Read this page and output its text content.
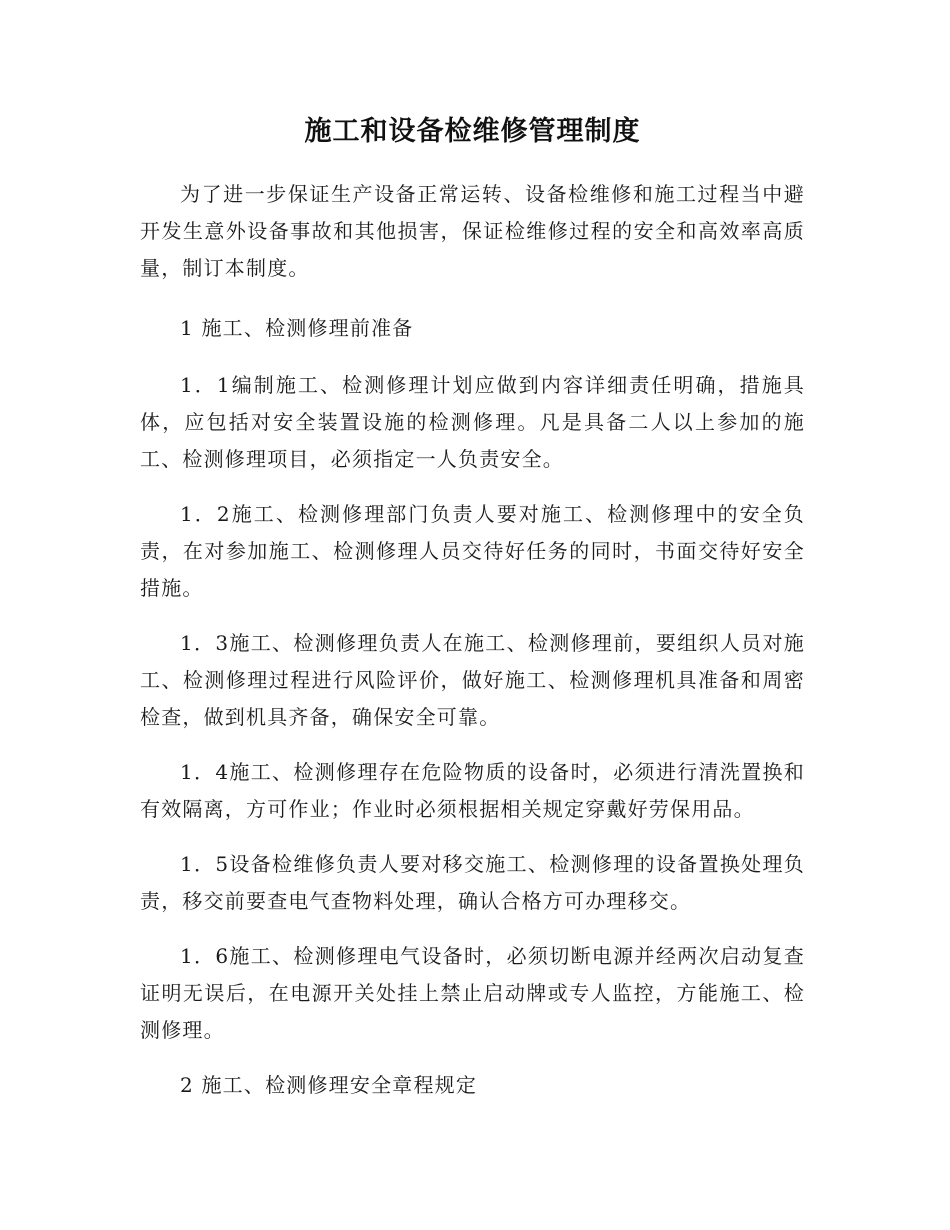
施工和设备检维修管理制度

为了进一步保证生产设备正常运转、设备检维修和施工过程当中避开发生意外设备事故和其他损害，保证检维修过程的安全和高效率高质量，制订本制度。

1 施工、检测修理前准备

1．1编制施工、检测修理计划应做到内容详细责任明确，措施具体，应包括对安全装置设施的检测修理。凡是具备二人以上参加的施工、检测修理项目，必须指定一人负责安全。

1．2施工、检测修理部门负责人要对施工、检测修理中的安全负责，在对参加施工、检测修理人员交待好任务的同时，书面交待好安全措施。

1．3施工、检测修理负责人在施工、检测修理前，要组织人员对施工、检测修理过程进行风险评价，做好施工、检测修理机具准备和周密检查，做到机具齐备，确保安全可靠。

1．4施工、检测修理存在危险物质的设备时，必须进行清洗置换和有效隔离，方可作业；作业时必须根据相关规定穿戴好劳保用品。

1．5设备检维修负责人要对移交施工、检测修理的设备置换处理负责，移交前要查电气查物料处理，确认合格方可办理移交。

1．6施工、检测修理电气设备时，必须切断电源并经两次启动复查证明无误后，在电源开关处挂上禁止启动牌或专人监控，方能施工、检测修理。

2 施工、检测修理安全章程规定
